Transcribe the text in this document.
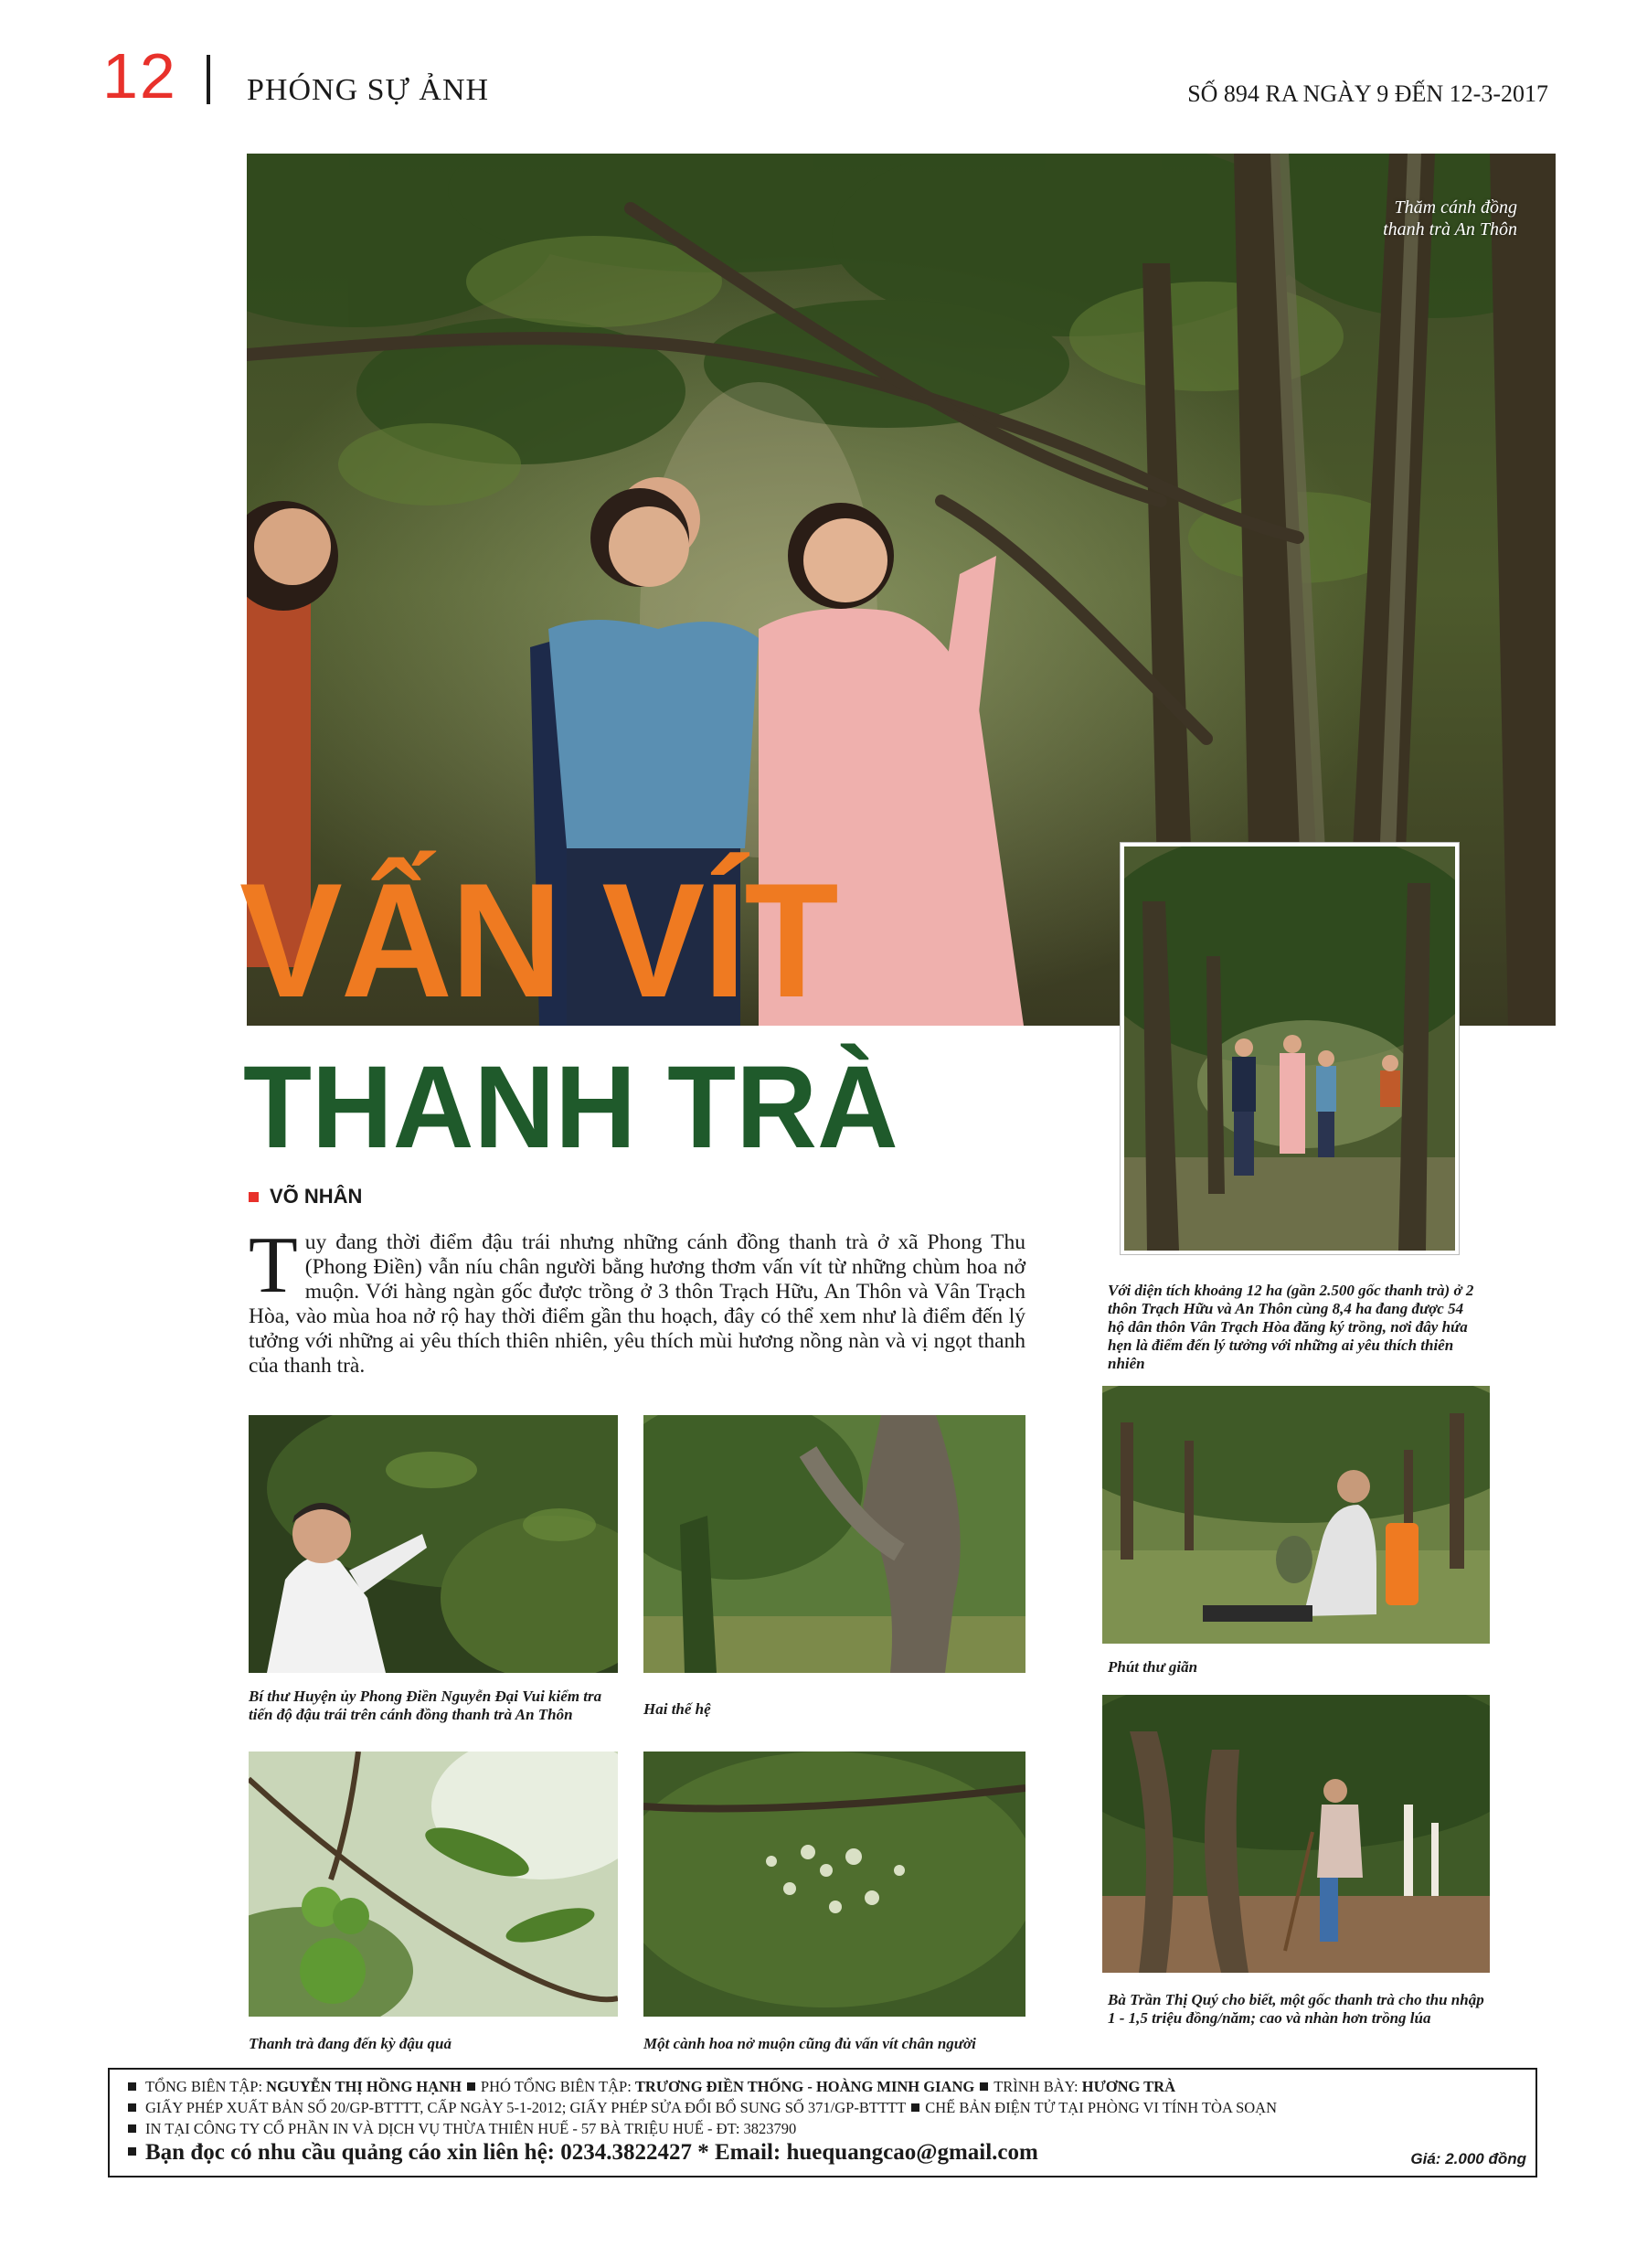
12 PHÓNG SỰ ẢNH	SỐ 894 RA NGÀY 9 ĐẾN 12-3-2017
Thăm cánh đồng thanh trà An Thôn
VẤN VÍT
THANH TRÀ
Với diện tích khoảng 12 ha (gần 2.500 gốc thanh trà) ở 2 thôn Trạch Hữu và An Thôn cùng 8,4 ha đang được 54 hộ dân thôn Vân Trạch Hòa đăng ký trồng, nơi đây hứa hẹn là điểm đến lý tưởng với những ai yêu thích thiên nhiên
VÕ NHÂN
Tuy đang thời điểm đậu trái nhưng những cánh đồng thanh trà ở xã Phong Thu (Phong Điền) vẫn níu chân người bằng hương thơm vấn vít từ những chùm hoa nở muộn. Với hàng ngàn gốc được trồng ở 3 thôn Trạch Hữu, An Thôn và Vân Trạch Hòa, vào mùa hoa nở rộ hay thời điểm gần thu hoạch, đây có thể xem như là điểm đến lý tưởng với những ai yêu thích thiên nhiên, yêu thích mùi hương nồng nàn và vị ngọt thanh của thanh trà.
Bí thư Huyện ủy Phong Điền Nguyễn Đại Vui kiểm tra tiến độ đậu trái trên cánh đồng thanh trà An Thôn	Hai thế hệ
Thanh trà đang đến kỳ đậu quả	Một cành hoa nở muộn cũng đủ vấn vít chân người
Phút thư giãn
Bà Trần Thị Quý cho biết, một gốc thanh trà cho thu nhập 1 - 1,5 triệu đồng/năm; cao và nhàn hơn trồng lúa
TỔNG BIÊN TẬP: NGUYỄN THỊ HỒNG HẠNH PHÓ TỔNG BIÊN TẬP: TRƯƠNG ĐIỀN THỐNG - HOÀNG MINH GIANG TRÌNH BÀY: HƯƠNG TRÀ
GIẤY PHÉP XUẤT BẢN SỐ 20/GP-BTTTT, CẤP NGÀY 5-1-2012; GIẤY PHÉP SỬA ĐỔI BỔ SUNG SỐ 371/GP-BTTTT CHẾ BẢN ĐIỆN TỬ TẠI PHÒNG VI TÍNH TÒA SOẠN
IN TẠI CÔNG TY CỔ PHẦN IN VÀ DỊCH VỤ THỪA THIÊN HUẾ - 57 BÀ TRIỆU HUẾ - ĐT: 3823790
Bạn đọc có nhu cầu quảng cáo xin liên hệ: 0234.3822427 * Email: huequangcao@gmail.com	Giá: 2.000 đồng
